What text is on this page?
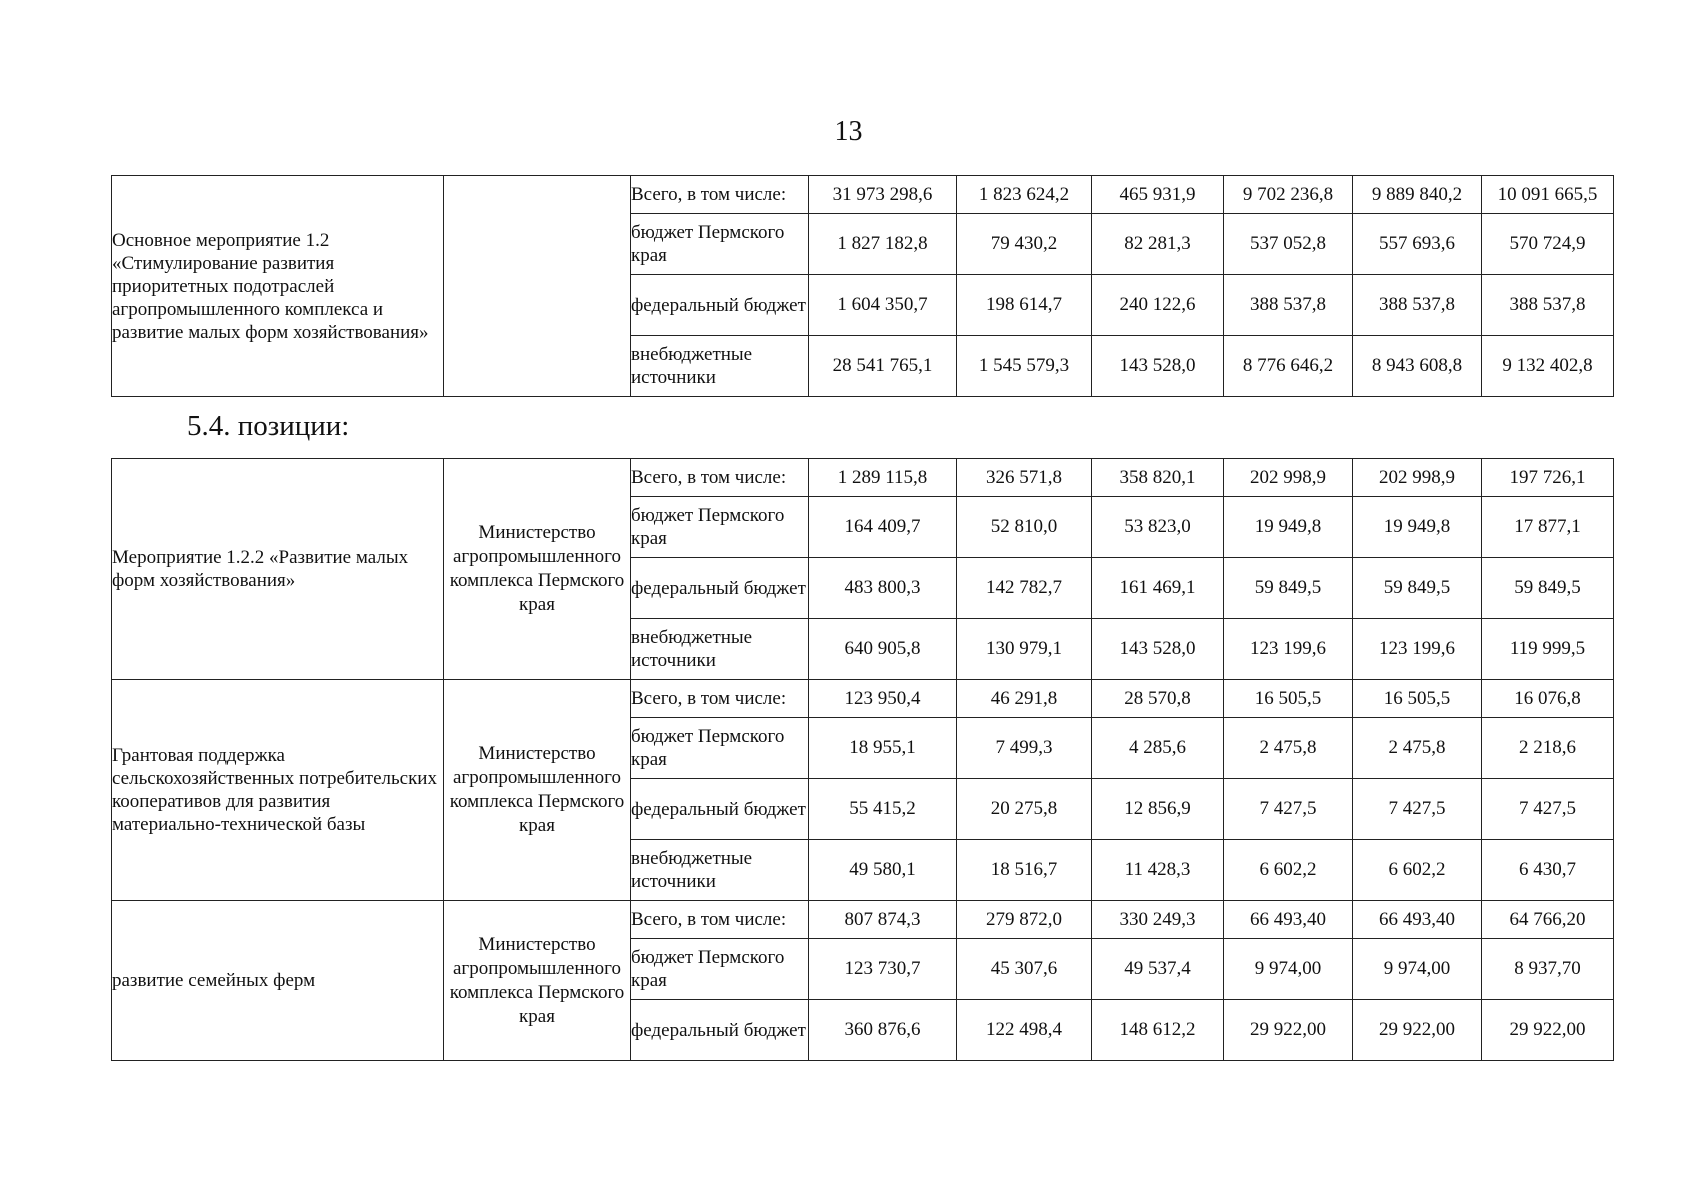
13
Основное мероприятие 1.2 «Стимулирование развития приоритетных подотраслей агропромышленного комплекса и развитие малых форм хозяйствования»		Всего, в том числе:	31 973 298,6	1 823 624,2	465 931,9	9 702 236,8	9 889 840,2	10 091 665,5
		бюджет Пермского края	1 827 182,8	79 430,2	82 281,3	537 052,8	557 693,6	570 724,9
		федеральный бюджет	1 604 350,7	198 614,7	240 122,6	388 537,8	388 537,8	388 537,8
		внебюджетные источники	28 541 765,1	1 545 579,3	143 528,0	8 776 646,2	8 943 608,8	9 132 402,8
5.4. позиции:
Мероприятие 1.2.2 «Развитие малых форм хозяйствования»	Министерство агропромышленного комплекса Пермского края	Всего, в том числе:	1 289 115,8	326 571,8	358 820,1	202 998,9	202 998,9	197 726,1
		бюджет Пермского края	164 409,7	52 810,0	53 823,0	19 949,8	19 949,8	17 877,1
		федеральный бюджет	483 800,3	142 782,7	161 469,1	59 849,5	59 849,5	59 849,5
		внебюджетные источники	640 905,8	130 979,1	143 528,0	123 199,6	123 199,6	119 999,5
Грантовая поддержка сельскохозяйственных потребительских кооперативов для развития материально-технической базы	Министерство агропромышленного комплекса Пермского края	Всего, в том числе:	123 950,4	46 291,8	28 570,8	16 505,5	16 505,5	16 076,8
		бюджет Пермского края	18 955,1	7 499,3	4 285,6	2 475,8	2 475,8	2 218,6
		федеральный бюджет	55 415,2	20 275,8	12 856,9	7 427,5	7 427,5	7 427,5
		внебюджетные источники	49 580,1	18 516,7	11 428,3	6 602,2	6 602,2	6 430,7
развитие семейных ферм	Министерство агропромышленного комплекса Пермского края	Всего, в том числе:	807 874,3	279 872,0	330 249,3	66 493,40	66 493,40	64 766,20
		бюджет Пермского края	123 730,7	45 307,6	49 537,4	9 974,00	9 974,00	8 937,70
		федеральный бюджет	360 876,6	122 498,4	148 612,2	29 922,00	29 922,00	29 922,00
